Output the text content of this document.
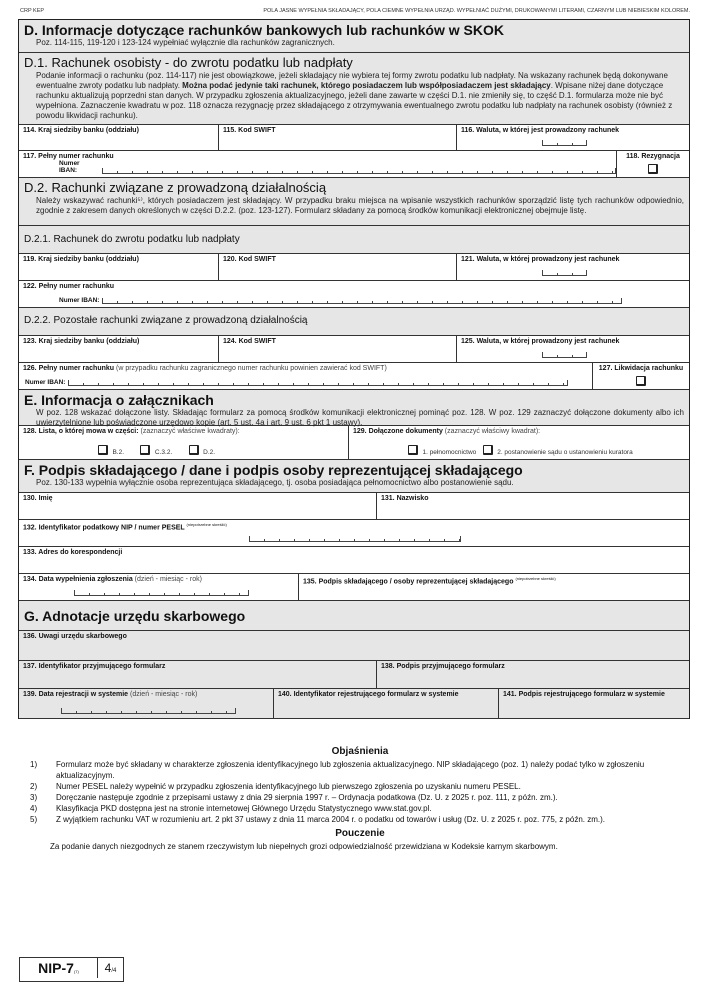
CRP KEP	POLA JASNE WYPEŁNIA SKŁADAJĄCY, POLA CIEMNE WYPEŁNIA URZĄD. WYPEŁNIAĆ DUŻYMI, DRUKOWANYMI LITERAMI, CZARNYM LUB NIEBIESKIM KOLOREM.
D. Informacje dotyczące rachunków bankowych lub rachunków w SKOK

Poz. 114-115, 119-120 i 123-124 wypełniać wyłącznie dla rachunków zagranicznych.

D.1. Rachunek osobisty - do zwrotu podatku lub nadpłaty

Podanie informacji o rachunku (poz. 114-117) nie jest obowiązkowe, jeżeli składający nie wybiera tej formy zwrotu podatku lub nadpłaty. Na wskazany rachunek będą dokonywane ewentualne zwroty podatku lub nadpłaty. Można podać jedynie taki rachunek, którego posiadaczem lub współposiadaczem jest składający. Wpisane niżej dane dotyczące rachunku aktualizują poprzedni stan danych. W przypadku zgłoszenia aktualizacyjnego, jeżeli dane zawarte w części D.1. nie zmieniły się, to część D.1. formularza może nie być wypełniona. Zaznaczenie kwadratu w poz. 118 oznacza rezygnację przez składającego z otrzymywania ewentualnego zwrotu podatku lub nadpłaty na rachunek osobisty (również z powodu likwidacji rachunku).

114. Kraj siedziby banku (oddziału)	115. Kod SWIFT	116. Waluta, w której jest prowadzony rachunek
117. Pełny numer rachunku
Numer IBAN:
118. Rezygnacja
D.2. Rachunki związane z prowadzoną działalnością

Należy wskazywać rachunki⁵⁾, których posiadaczem jest składający. W przypadku braku miejsca na wpisanie wszystkich rachunków sporządzić listę tych rachunków odpowiednio, zgodnie z zakresem danych określonych w części D.2.2. (poz. 123-127). Formularz składany za pomocą środków komunikacji elektronicznej obejmuje listę.

D.2.1. Rachunek do zwrotu podatku lub nadpłaty
119. Kraj siedziby banku (oddziału)	120. Kod SWIFT	121. Waluta, w której prowadzony jest rachunek
122. Pełny numer rachunku
Numer IBAN:
D.2.2. Pozostałe rachunki związane z prowadzoną działalnością
123. Kraj siedziby banku (oddziału)	124. Kod SWIFT	125. Waluta, w której prowadzony jest rachunek
126. Pełny numer rachunku (w przypadku rachunku zagranicznego numer rachunku powinien zawierać kod SWIFT)
Numer IBAN:
127. Likwidacja rachunku
E. Informacja o załącznikach

W poz. 128 wskazać dołączone listy. Składając formularz za pomocą środków komunikacji elektronicznej pominąć poz. 128. W poz. 129 zaznaczyć dołączone dokumenty albo ich uwierzytelnione lub poświadczone urzędowo kopie (art. 5 ust. 4a i art. 9 ust. 6 pkt 1 ustawy).

128. Lista, o której mowa w części: (zaznaczyć właściwe kwadraty):
B.2.	C.3.2.	D.2.
129. Dołączone dokumenty (zaznaczyć właściwy kwadrat):
1. pełnomocnictwo	2. postanowienie sądu o ustanowieniu kuratora
F. Podpis składającego / dane i podpis osoby reprezentującej składającego

Poz. 130-133 wypełnia wyłącznie osoba reprezentująca składającego, tj. osoba posiadająca pełnomocnictwo albo postanowienie sądu.

130. Imię	131. Nazwisko
132. Identyfikator podatkowy NIP / numer PESEL $^{(niepotrzebne skreślić)}$
133. Adres do korespondencji
134. Data wypełnienia zgłoszenia (dzień - miesiąc - rok)	135. Podpis składającego / osoby reprezentującej składającego $^{(niepotrzebne skreślić)}$
G. Adnotacje urzędu skarbowego
136. Uwagi urzędu skarbowego
137. Identyfikator przyjmującego formularz	138. Podpis przyjmującego formularz
139. Data rejestracji w systemie (dzień - miesiąc - rok)	140. Identyfikator rejestrującego formularz w systemie	141. Podpis rejestrującego formularz w systemie
Objaśnienia
1)	Formularz może być składany w charakterze zgłoszenia identyfikacyjnego lub zgłoszenia aktualizacyjnego. NIP składającego (poz. 1) należy podać tylko w zgłoszeniu aktualizacyjnym.
2)	Numer PESEL należy wypełnić w przypadku zgłoszenia identyfikacyjnego lub pierwszego zgłoszenia po uzyskaniu numeru PESEL.
3)	Doręczanie następuje zgodnie z przepisami ustawy z dnia 29 sierpnia 1997 r. – Ordynacja podatkowa (Dz. U. z 2025 r. poz. 111, z późn. zm.).
4)	Klasyfikacja PKD dostępna jest na stronie internetowej Głównego Urzędu Statystycznego www.stat.gov.pl.
5)	Z wyjątkiem rachunku VAT w rozumieniu art. 2 pkt 37 ustawy z dnia 11 marca 2004 r. o podatku od towarów i usług (Dz. U. z 2025 r. poz. 775, z późn. zm.).
Pouczenie
Za podanie danych niezgodnych ze stanem rzeczywistym lub niepełnych grozi odpowiedzialność przewidziana w Kodeksie karnym skarbowym.
NIP-7(7)	4/4
